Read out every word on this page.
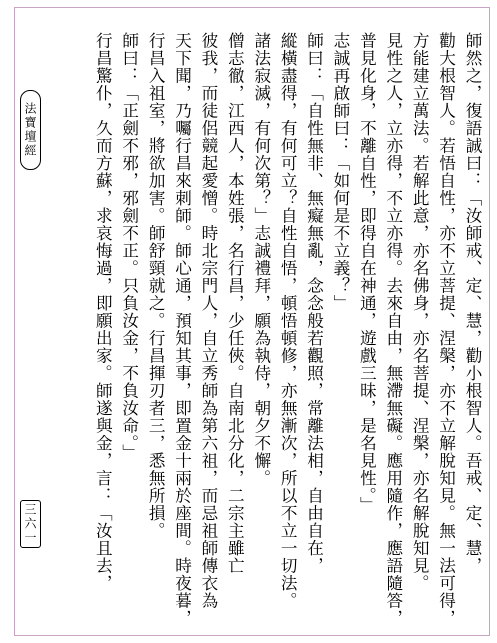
法寶壇經
三六一	師然之，復語誠曰：「汝師戒、定、慧，勸小根智人。吾戒、定、慧，
勸大根智人。若悟自性，亦不立菩提、涅槃，亦不立解脫知見。無一法可得，
方能建立萬法。若解此意，亦名佛身，亦名菩提、涅槃，亦名解脫知見。
見性之人，立亦得，不立亦得。去來自由，無滯無礙。應用隨作，應語隨答，
普見化身，不離自性，即得自在神通，遊戲三昧，是名見性。」
志誠再啟師曰：「如何是不立義？」
師曰：「自性無非、無癡無亂，念念般若觀照，常離法相，自由自在，
縱橫盡得，有何可立？自性自悟，頓悟頓修，亦無漸次，所以不立一切法。
諸法寂滅，有何次第？」志誠禮拜，願為執侍，朝夕不懈。
僧志徹，江西人，本姓張，名行昌，少任俠。自南北分化，二宗主雖亡
彼我，而徒侶競起愛憎。時北宗門人，自立秀師為第六祖，而忌祖師傳衣為
天下聞，乃囑行昌來刺師。師心通，預知其事，即置金十兩於座間。時夜暮，
行昌入祖室，將欲加害。師舒頸就之。行昌揮刃者三，悉無所損。
師曰：「正劍不邪，邪劍不正。只負汝金，不負汝命。」
行昌驚仆，久而方蘇，求哀悔過，即願出家。師遂與金，言：「汝且去，
